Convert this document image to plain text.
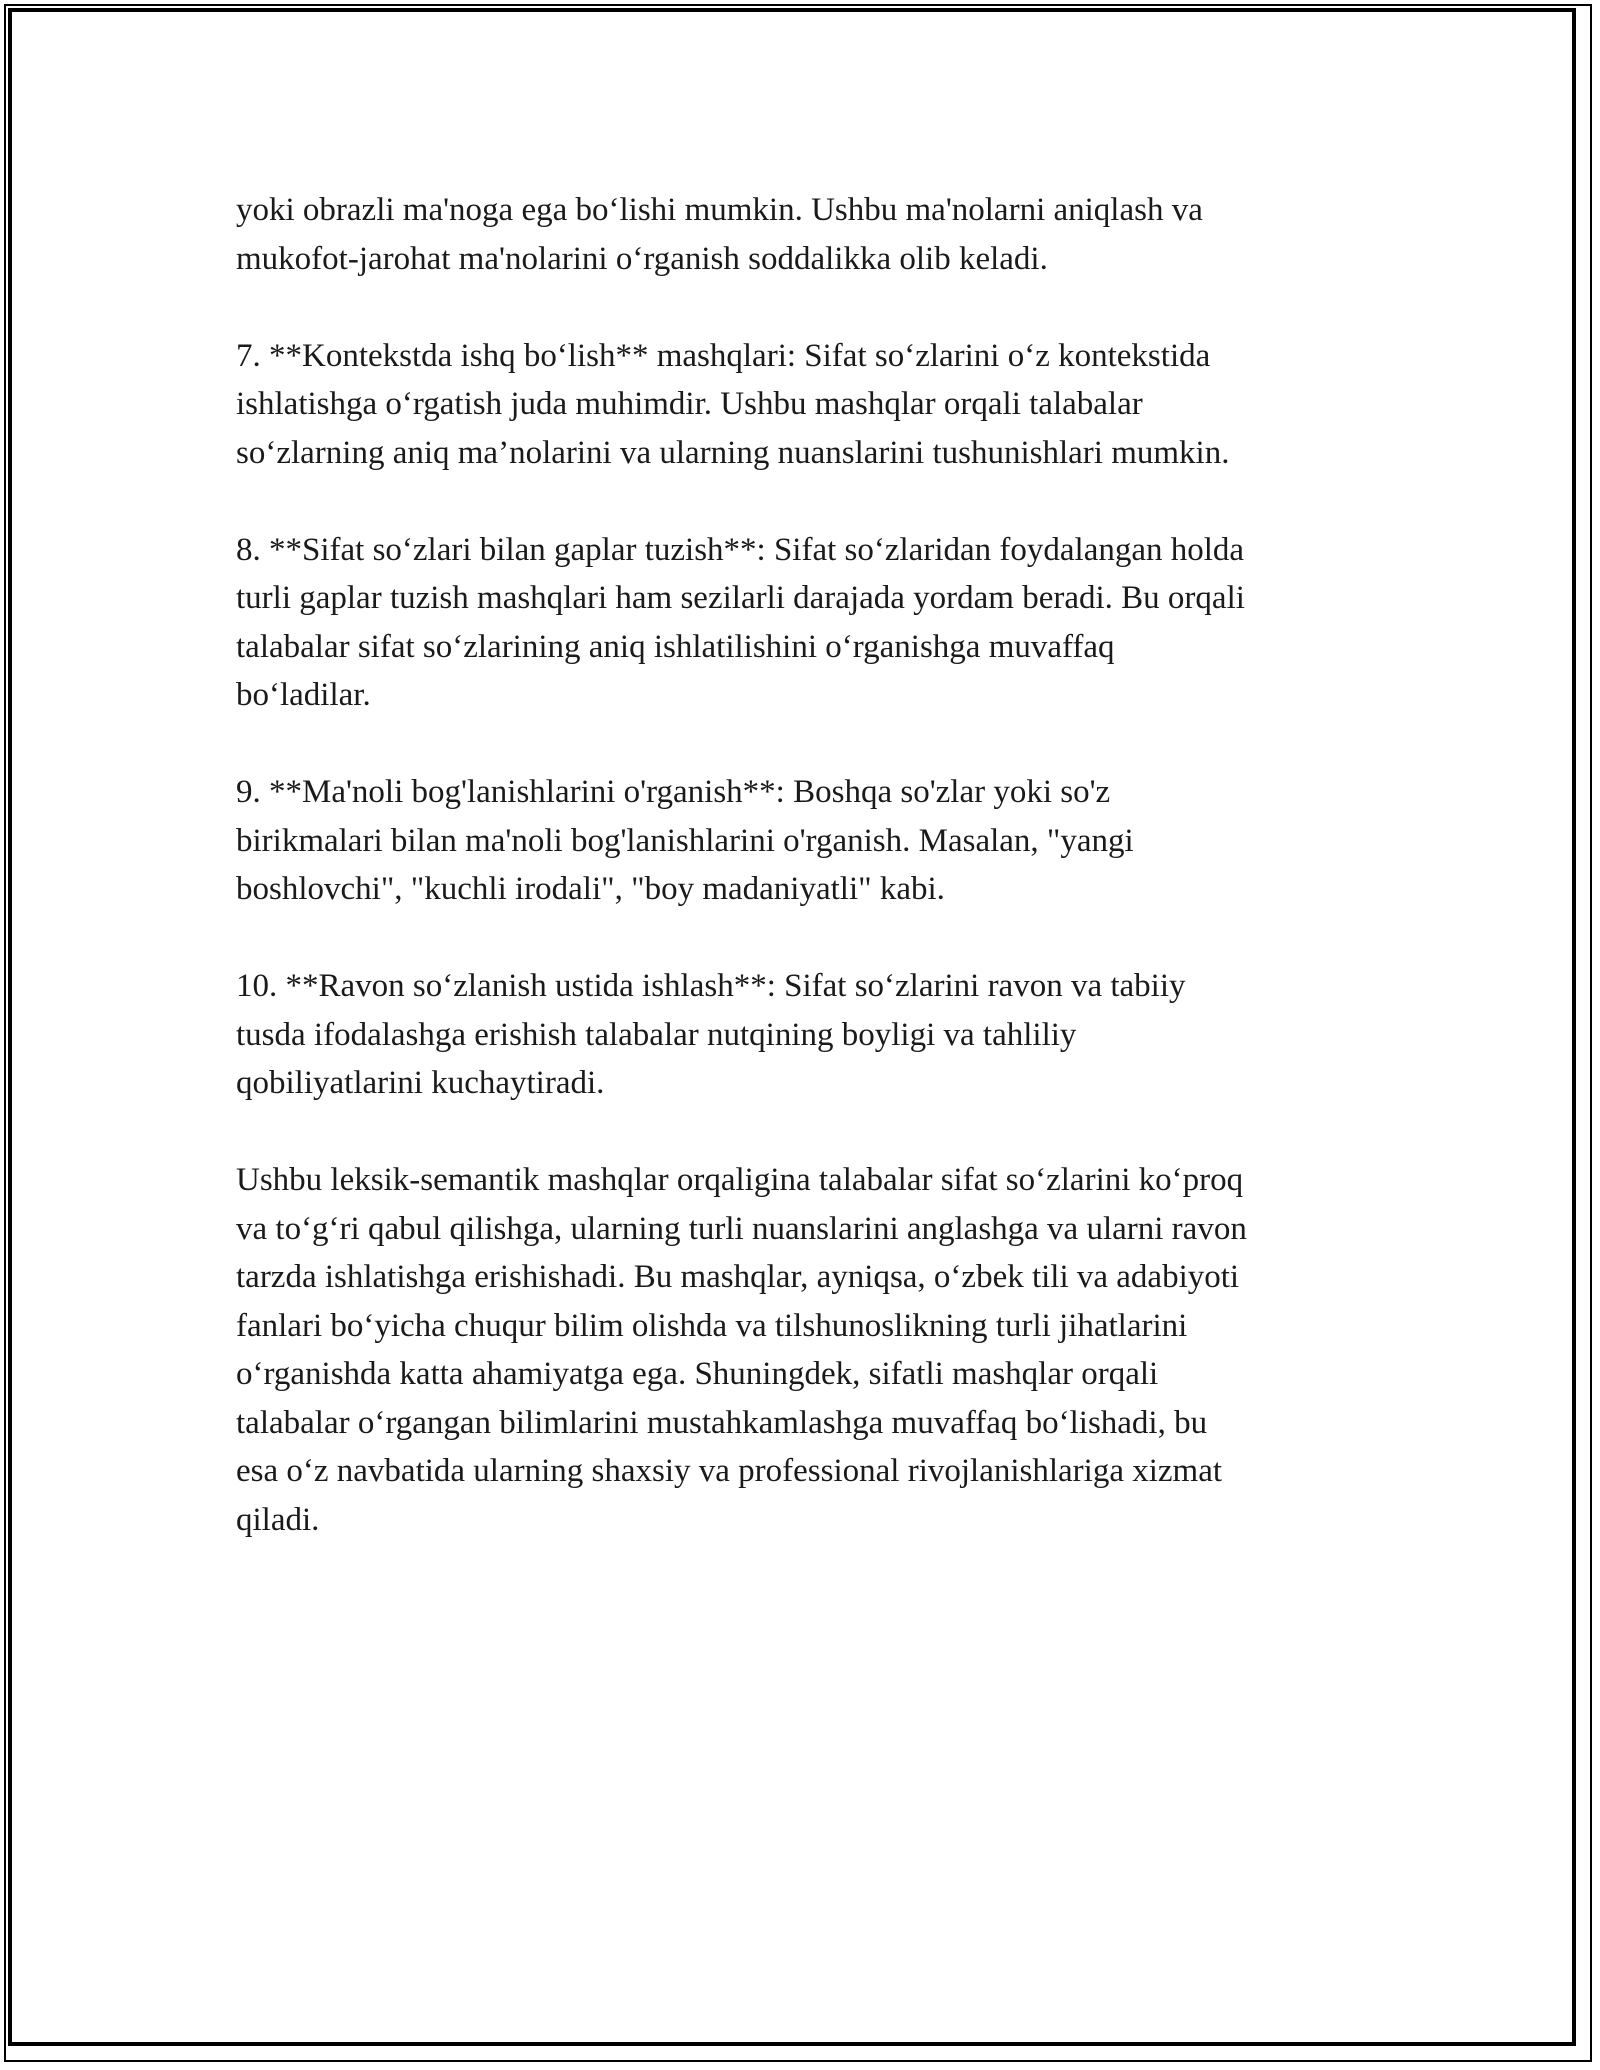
yoki obrazli ma'noga ega bo‘lishi mumkin. Ushbu ma'nolarni aniqlash va
mukofot-jarohat ma'nolarini o‘rganish soddalikka olib keladi.

7. **Kontekstda ishq bo‘lish** mashqlari: Sifat so‘zlarini o‘z kontekstida
ishlatishga o‘rgatish juda muhimdir. Ushbu mashqlar orqali talabalar
so‘zlarning aniq ma’nolarini va ularning nuanslarini tushunishlari mumkin.

8. **Sifat so‘zlari bilan gaplar tuzish**: Sifat so‘zlaridan foydalangan holda
turli gaplar tuzish mashqlari ham sezilarli darajada yordam beradi. Bu orqali
talabalar sifat so‘zlarining aniq ishlatilishini o‘rganishga muvaffaq
bo‘ladilar.

9. **Ma'noli bog'lanishlarini o'rganish**: Boshqa so'zlar yoki so'z
birikmalari bilan ma'noli bog'lanishlarini o'rganish. Masalan, "yangi
boshlovchi", "kuchli irodali", "boy madaniyatli" kabi.

10. **Ravon so‘zlanish ustida ishlash**: Sifat so‘zlarini ravon va tabiiy
tusda ifodalashga erishish talabalar nutqining boyligi va tahliliy
qobiliyatlarini kuchaytiradi.

Ushbu leksik-semantik mashqlar orqaligina talabalar sifat so‘zlarini ko‘proq
va to‘g‘ri qabul qilishga, ularning turli nuanslarini anglashga va ularni ravon
tarzda ishlatishga erishishadi. Bu mashqlar, ayniqsa, o‘zbek tili va adabiyoti
fanlari bo‘yicha chuqur bilim olishda va tilshunoslikning turli jihatlarini
o‘rganishda katta ahamiyatga ega. Shuningdek, sifatli mashqlar orqali
talabalar o‘rgangan bilimlarini mustahkamlashga muvaffaq bo‘lishadi, bu
esa o‘z navbatida ularning shaxsiy va professional rivojlanishlariga xizmat
qiladi.
